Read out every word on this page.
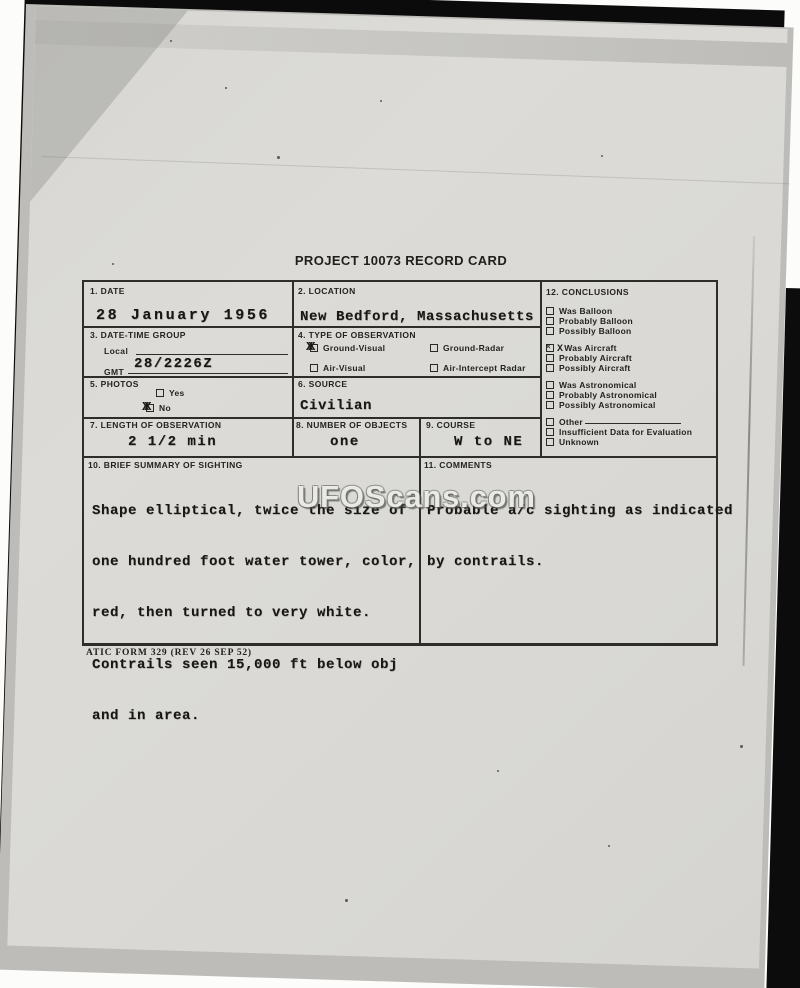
PROJECT 10073 RECORD CARD
1. DATE
28 January 1956
2. LOCATION
New Bedford, Massachusetts
3. DATE-TIME GROUP
Local
GMT 28/2226Z
4. TYPE OF OBSERVATION
XX Ground-Visual	Ground-Radar
Air-Visual	Air-Intercept Radar
5. PHOTOS
Yes
XX No
6. SOURCE
Civilian
7. LENGTH OF OBSERVATION
2 1/2 min
8. NUMBER OF OBJECTS
one
9. COURSE
W to NE
10. BRIEF SUMMARY OF SIGHTING

Shape elliptical, twice the size of

one hundred foot water tower, color,

red, then turned to very white.

Contrails seen 15,000 ft below obj

and in area.

11. COMMENTS

Probable a/c sighting as indicated

by contrails.

12. CONCLUSIONS
Was Balloon
Probably Balloon
Possibly Balloon
✕ XWas Aircraft
Probably Aircraft
Possibly Aircraft
Was Astronomical
Probably Astronomical
Possibly Astronomical
Other
Insufficient Data for Evaluation
Unknown
ATIC FORM 329 (REV 26 SEP 52)
UFOScans.com
